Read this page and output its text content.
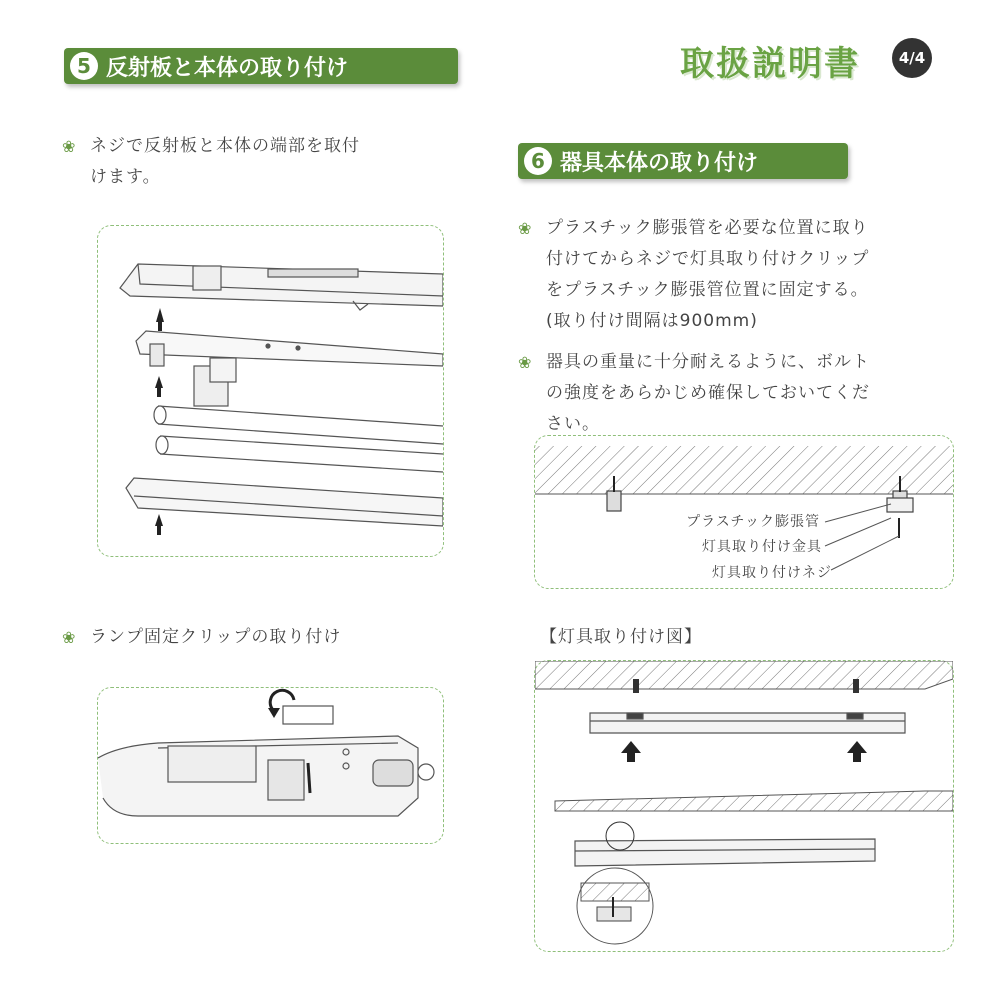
取扱説明書	4/4
5 反射板と本体の取り付け
❀ ネジで反射板と本体の端部を取付
けます。
❀ ランプ固定クリップの取り付け
6 器具本体の取り付け
❀ プラスチック膨張管を必要な位置に取り
付けてからネジで灯具取り付けクリップ
をプラスチック膨張管位置に固定する。
(取り付け間隔は900mm)
❀ 器具の重量に十分耐えるように、ボルト
の強度をあらかじめ確保しておいてくだ
さい。
プラスチック膨張管
灯具取り付け金具
灯具取り付けネジ
【灯具取り付け図】
